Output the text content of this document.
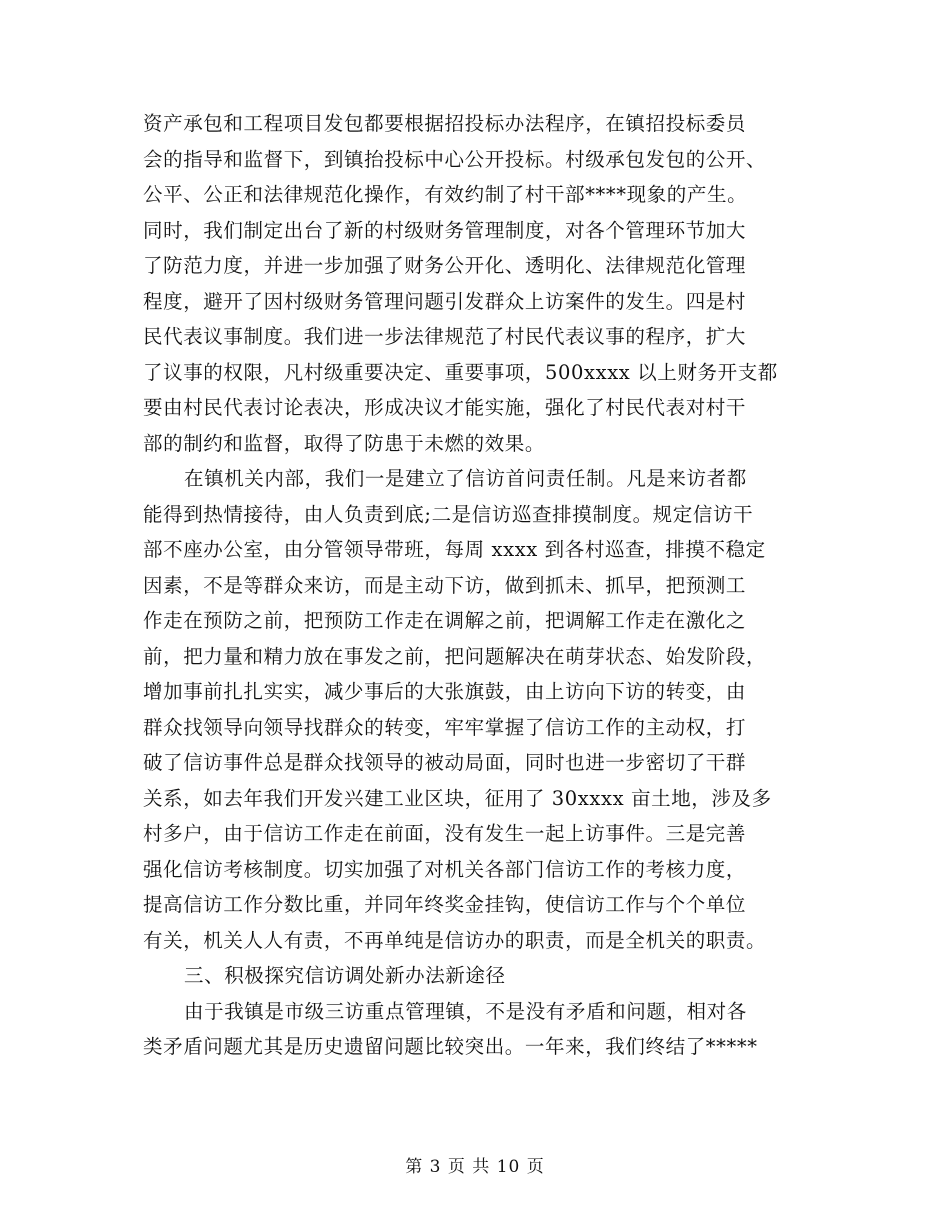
资产承包和工程项目发包都要根据招投标办法程序，在镇招投标委员
会的指导和监督下，到镇抬投标中心公开投标。村级承包发包的公开、
公平、公正和法律规范化操作，有效约制了村干部****现象的产生。
同时，我们制定出台了新的村级财务管理制度，对各个管理环节加大
了防范力度，并进一步加强了财务公开化、透明化、法律规范化管理
程度，避开了因村级财务管理问题引发群众上访案件的发生。四是村
民代表议事制度。我们进一步法律规范了村民代表议事的程序，扩大
了议事的权限，凡村级重要决定、重要事项，500xxxx 以上财务开支都
要由村民代表讨论表决，形成决议才能实施，强化了村民代表对村干
部的制约和监督，取得了防患于未燃的效果。
在镇机关内部，我们一是建立了信访首问责任制。凡是来访者都
能得到热情接待，由人负责到底;二是信访巡查排摸制度。规定信访干
部不座办公室，由分管领导带班，每周 xxxx 到各村巡查，排摸不稳定
因素，不是等群众来访，而是主动下访，做到抓未、抓早，把预测工
作走在预防之前，把预防工作走在调解之前，把调解工作走在激化之
前，把力量和精力放在事发之前，把问题解决在萌芽状态、始发阶段，
增加事前扎扎实实，减少事后的大张旗鼓，由上访向下访的转变，由
群众找领导向领导找群众的转变，牢牢掌握了信访工作的主动权，打
破了信访事件总是群众找领导的被动局面，同时也进一步密切了干群
关系，如去年我们开发兴建工业区块，征用了 30xxxx 亩土地，涉及多
村多户，由于信访工作走在前面，没有发生一起上访事件。三是完善
强化信访考核制度。切实加强了对机关各部门信访工作的考核力度，
提高信访工作分数比重，并同年终奖金挂钩，使信访工作与个个单位
有关，机关人人有责，不再单纯是信访办的职责，而是全机关的职责。
三、积极探究信访调处新办法新途径
由于我镇是市级三访重点管理镇，不是没有矛盾和问题，相对各
类矛盾问题尤其是历史遗留问题比较突出。一年来，我们终结了*****
第 3 页 共 10 页
